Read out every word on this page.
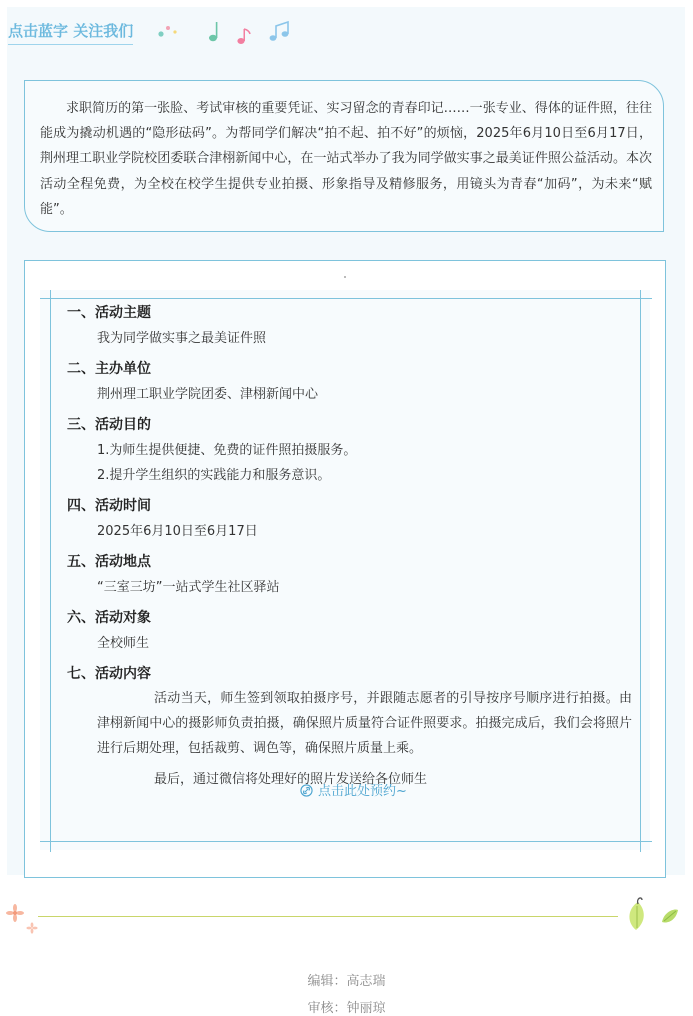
点击蓝字 关注我们

求职简历的第一张脸、考试审核的重要凭证、实习留念的青春印记……一张专业、得体的证件照，往往能成为撬动机遇的“隐形砝码”。为帮同学们解决“拍不起、拍不好”的烦恼，2025年6月10日至6月17日，荆州理工职业学院校团委联合津栩新闻中心，在一站式举办了我为同学做实事之最美证件照公益活动。本次活动全程免费，为全校在校学生提供专业拍摄、形象指导及精修服务，用镜头为青春“加码”，为未来“赋能”。

一、活动主题

我为同学做实事之最美证件照

二、主办单位

荆州理工职业学院团委、津栩新闻中心

三、活动目的

1.为师生提供便捷、免费的证件照拍摄服务。

2.提升学生组织的实践能力和服务意识。

四、活动时间

2025年6月10日至6月17日

五、活动地点

“三室三坊”一站式学生社区驿站

六、活动对象

全校师生

七、活动内容

活动当天，师生签到领取拍摄序号，并跟随志愿者的引导按序号顺序进行拍摄。由津栩新闻中心的摄影师负责拍摄，确保照片质量符合证件照要求。拍摄完成后，我们会将照片进行后期处理，包括裁剪、调色等，确保照片质量上乘。

最后，通过微信将处理好的照片发送给各位师生

点击此处预约~
编辑：高志瑞
审核：钟丽琼
